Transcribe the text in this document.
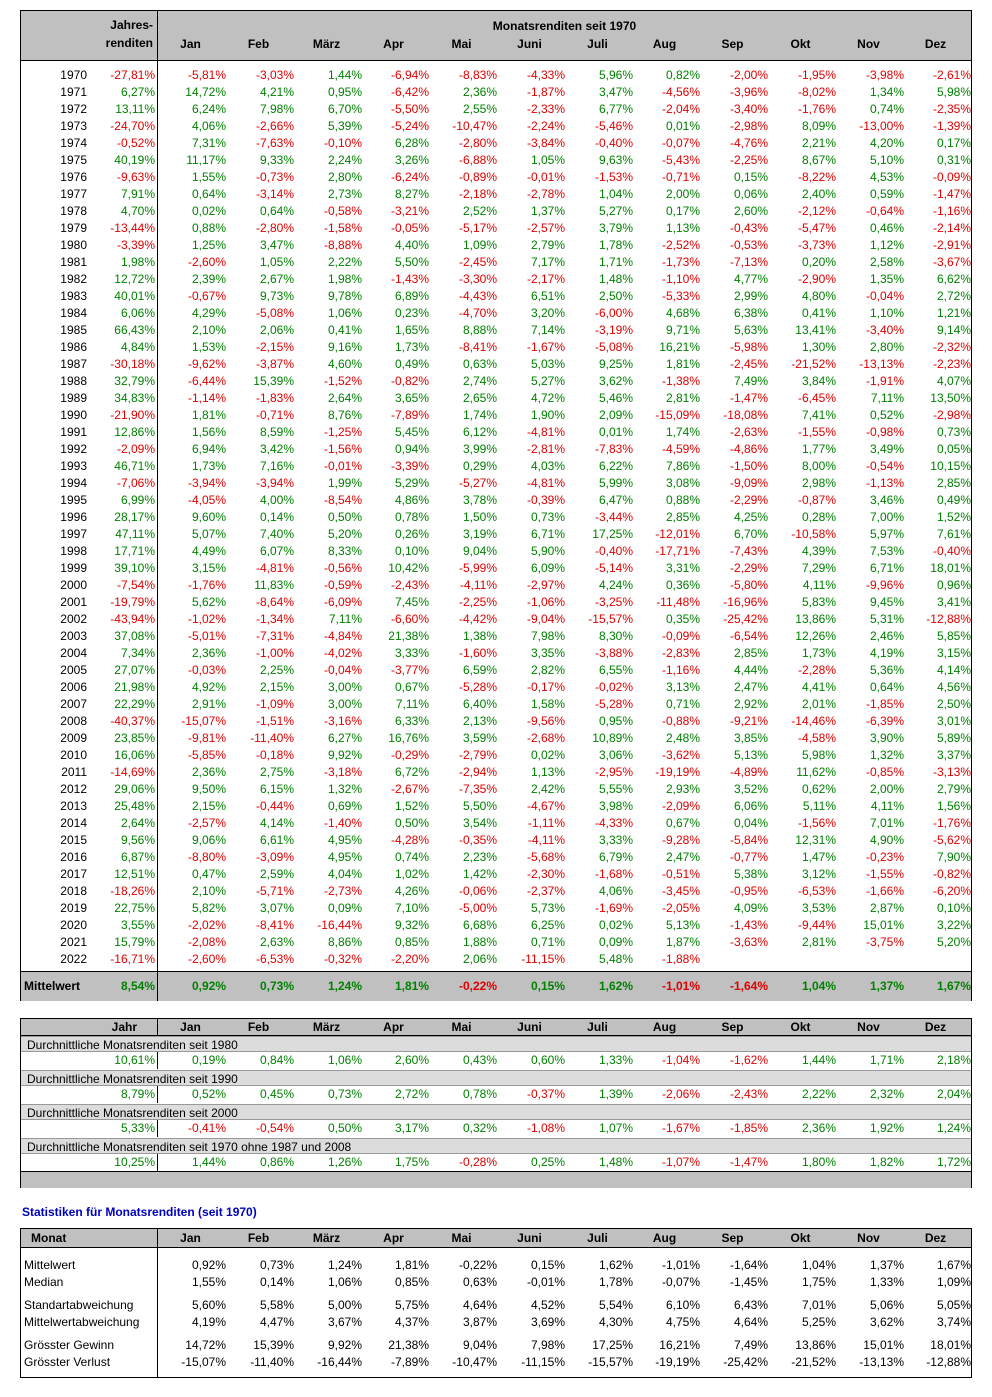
Jahres-
renditen
Monatsrenditen seit 1970
Jan	Feb	März	Apr	Mai	Juni	Juli	Aug	Sep	Okt	Nov	Dez
1970	-27,81%	-5,81%	-3,03%	1,44%	-6,94%	-8,83%	-4,33%	5,96%	0,82%	-2,00%	-1,95%	-3,98%	-2,61%
1971	6,27%	14,72%	4,21%	0,95%	-6,42%	2,36%	-1,87%	3,47%	-4,56%	-3,96%	-8,02%	1,34%	5,98%
1972	13,11%	6,24%	7,98%	6,70%	-5,50%	2,55%	-2,33%	6,77%	-2,04%	-3,40%	-1,76%	0,74%	-2,35%
1973	-24,70%	4,06%	-2,66%	5,39%	-5,24%	-10,47%	-2,24%	-5,46%	0,01%	-2,98%	8,09%	-13,00%	-1,39%
1974	-0,52%	7,31%	-7,63%	-0,10%	6,28%	-2,80%	-3,84%	-0,40%	-0,07%	-4,76%	2,21%	4,20%	0,17%
1975	40,19%	11,17%	9,33%	2,24%	3,26%	-6,88%	1,05%	9,63%	-5,43%	-2,25%	8,67%	5,10%	0,31%
1976	-9,63%	1,55%	-0,73%	2,80%	-6,24%	-0,89%	-0,01%	-1,53%	-0,71%	0,15%	-8,22%	4,53%	-0,09%
1977	7,91%	0,64%	-3,14%	2,73%	8,27%	-2,18%	-2,78%	1,04%	2,00%	0,06%	2,40%	0,59%	-1,47%
1978	4,70%	0,02%	0,64%	-0,58%	-3,21%	2,52%	1,37%	5,27%	0,17%	2,60%	-2,12%	-0,64%	-1,16%
1979	-13,44%	0,88%	-2,80%	-1,58%	-0,05%	-5,17%	-2,57%	3,79%	1,13%	-0,43%	-5,47%	0,46%	-2,14%
1980	-3,39%	1,25%	3,47%	-8,88%	4,40%	1,09%	2,79%	1,78%	-2,52%	-0,53%	-3,73%	1,12%	-2,91%
1981	1,98%	-2,60%	1,05%	2,22%	5,50%	-2,45%	7,17%	1,71%	-1,73%	-7,13%	0,20%	2,58%	-3,67%
1982	12,72%	2,39%	2,67%	1,98%	-1,43%	-3,30%	-2,17%	1,48%	-1,10%	4,77%	-2,90%	1,35%	6,62%
1983	40,01%	-0,67%	9,73%	9,78%	6,89%	-4,43%	6,51%	2,50%	-5,33%	2,99%	4,80%	-0,04%	2,72%
1984	6,06%	4,29%	-5,08%	1,06%	0,23%	-4,70%	3,20%	-6,00%	4,68%	6,38%	0,41%	1,10%	1,21%
1985	66,43%	2,10%	2,06%	0,41%	1,65%	8,88%	7,14%	-3,19%	9,71%	5,63%	13,41%	-3,40%	9,14%
1986	4,84%	1,53%	-2,15%	9,16%	1,73%	-8,41%	-1,67%	-5,08%	16,21%	-5,98%	1,30%	2,80%	-2,32%
1987	-30,18%	-9,62%	-3,87%	4,60%	0,49%	0,63%	5,03%	9,25%	1,81%	-2,45%	-21,52%	-13,13%	-2,23%
1988	32,79%	-6,44%	15,39%	-1,52%	-0,82%	2,74%	5,27%	3,62%	-1,38%	7,49%	3,84%	-1,91%	4,07%
1989	34,83%	-1,14%	-1,83%	2,64%	3,65%	2,65%	4,72%	5,46%	2,81%	-1,47%	-6,45%	7,11%	13,50%
1990	-21,90%	1,81%	-0,71%	8,76%	-7,89%	1,74%	1,90%	2,09%	-15,09%	-18,08%	7,41%	0,52%	-2,98%
1991	12,86%	1,56%	8,59%	-1,25%	5,45%	6,12%	-4,81%	0,01%	1,74%	-2,63%	-1,55%	-0,98%	0,73%
1992	-2,09%	6,94%	3,42%	-1,56%	0,94%	3,99%	-2,81%	-7,83%	-4,59%	-4,86%	1,77%	3,49%	0,05%
1993	46,71%	1,73%	7,16%	-0,01%	-3,39%	0,29%	4,03%	6,22%	7,86%	-1,50%	8,00%	-0,54%	10,15%
1994	-7,06%	-3,94%	-3,94%	1,99%	5,29%	-5,27%	-4,81%	5,99%	3,08%	-9,09%	2,98%	-1,13%	2,85%
1995	6,99%	-4,05%	4,00%	-8,54%	4,86%	3,78%	-0,39%	6,47%	0,88%	-2,29%	-0,87%	3,46%	0,49%
1996	28,17%	9,60%	0,14%	0,50%	0,78%	1,50%	0,73%	-3,44%	2,85%	4,25%	0,28%	7,00%	1,52%
1997	47,11%	5,07%	7,40%	5,20%	0,26%	3,19%	6,71%	17,25%	-12,01%	6,70%	-10,58%	5,97%	7,61%
1998	17,71%	4,49%	6,07%	8,33%	0,10%	9,04%	5,90%	-0,40%	-17,71%	-7,43%	4,39%	7,53%	-0,40%
1999	39,10%	3,15%	-4,81%	-0,56%	10,42%	-5,99%	6,09%	-5,14%	3,31%	-2,29%	7,29%	6,71%	18,01%
2000	-7,54%	-1,76%	11,83%	-0,59%	-2,43%	-4,11%	-2,97%	4,24%	0,36%	-5,80%	4,11%	-9,96%	0,96%
2001	-19,79%	5,62%	-8,64%	-6,09%	7,45%	-2,25%	-1,06%	-3,25%	-11,48%	-16,96%	5,83%	9,45%	3,41%
2002	-43,94%	-1,02%	-1,34%	7,11%	-6,60%	-4,42%	-9,04%	-15,57%	0,35%	-25,42%	13,86%	5,31%	-12,88%
2003	37,08%	-5,01%	-7,31%	-4,84%	21,38%	1,38%	7,98%	8,30%	-0,09%	-6,54%	12,26%	2,46%	5,85%
2004	7,34%	2,36%	-1,00%	-4,02%	3,33%	-1,60%	3,35%	-3,88%	-2,83%	2,85%	1,73%	4,19%	3,15%
2005	27,07%	-0,03%	2,25%	-0,04%	-3,77%	6,59%	2,82%	6,55%	-1,16%	4,44%	-2,28%	5,36%	4,14%
2006	21,98%	4,92%	2,15%	3,00%	0,67%	-5,28%	-0,17%	-0,02%	3,13%	2,47%	4,41%	0,64%	4,56%
2007	22,29%	2,91%	-1,09%	3,00%	7,11%	6,40%	1,58%	-5,28%	0,71%	2,92%	2,01%	-1,85%	2,50%
2008	-40,37%	-15,07%	-1,51%	-3,16%	6,33%	2,13%	-9,56%	0,95%	-0,88%	-9,21%	-14,46%	-6,39%	3,01%
2009	23,85%	-9,81%	-11,40%	6,27%	16,76%	3,59%	-2,68%	10,89%	2,48%	3,85%	-4,58%	3,90%	5,89%
2010	16,06%	-5,85%	-0,18%	9,92%	-0,29%	-2,79%	0,02%	3,06%	-3,62%	5,13%	5,98%	1,32%	3,37%
2011	-14,69%	2,36%	2,75%	-3,18%	6,72%	-2,94%	1,13%	-2,95%	-19,19%	-4,89%	11,62%	-0,85%	-3,13%
2012	29,06%	9,50%	6,15%	1,32%	-2,67%	-7,35%	2,42%	5,55%	2,93%	3,52%	0,62%	2,00%	2,79%
2013	25,48%	2,15%	-0,44%	0,69%	1,52%	5,50%	-4,67%	3,98%	-2,09%	6,06%	5,11%	4,11%	1,56%
2014	2,64%	-2,57%	4,14%	-1,40%	0,50%	3,54%	-1,11%	-4,33%	0,67%	0,04%	-1,56%	7,01%	-1,76%
2015	9,56%	9,06%	6,61%	4,95%	-4,28%	-0,35%	-4,11%	3,33%	-9,28%	-5,84%	12,31%	4,90%	-5,62%
2016	6,87%	-8,80%	-3,09%	4,95%	0,74%	2,23%	-5,68%	6,79%	2,47%	-0,77%	1,47%	-0,23%	7,90%
2017	12,51%	0,47%	2,59%	4,04%	1,02%	1,42%	-2,30%	-1,68%	-0,51%	5,38%	3,12%	-1,55%	-0,82%
2018	-18,26%	2,10%	-5,71%	-2,73%	4,26%	-0,06%	-2,37%	4,06%	-3,45%	-0,95%	-6,53%	-1,66%	-6,20%
2019	22,75%	5,82%	3,07%	0,09%	7,10%	-5,00%	5,73%	-1,69%	-2,05%	4,09%	3,53%	2,87%	0,10%
2020	3,55%	-2,02%	-8,41%	-16,44%	9,32%	6,68%	6,25%	0,02%	5,13%	-1,43%	-9,44%	15,01%	3,22%
2021	15,79%	-2,08%	2,63%	8,86%	0,85%	1,88%	0,71%	0,09%	1,87%	-3,63%	2,81%	-3,75%	5,20%
2022	-16,71%	-2,60%	-6,53%	-0,32%	-2,20%	2,06%	-11,15%	5,48%	-1,88%
Mittelwert	8,54%	0,92%	0,73%	1,24%	1,81%	-0,22%	0,15%	1,62%	-1,01%	-1,64%	1,04%	1,37%	1,67%
Jahr	Jan	Feb	März	Apr	Mai	Juni	Juli	Aug	Sep	Okt	Nov	Dez
Durchnittliche Monatsrenditen seit 1980
10,61%	0,19%	0,84%	1,06%	2,60%	0,43%	0,60%	1,33%	-1,04%	-1,62%	1,44%	1,71%	2,18%
Durchnittliche Monatsrenditen seit 1990
8,79%	0,52%	0,45%	0,73%	2,72%	0,78%	-0,37%	1,39%	-2,06%	-2,43%	2,22%	2,32%	2,04%
Durchnittliche Monatsrenditen seit 2000
5,33%	-0,41%	-0,54%	0,50%	3,17%	0,32%	-1,08%	1,07%	-1,67%	-1,85%	2,36%	1,92%	1,24%
Durchnittliche Monatsrenditen seit 1970 ohne 1987 und 2008
10,25%	1,44%	0,86%	1,26%	1,75%	-0,28%	0,25%	1,48%	-1,07%	-1,47%	1,80%	1,82%	1,72%
Statistiken für Monatsrenditen (seit 1970)
Monat	Jan	Feb	März	Apr	Mai	Juni	Juli	Aug	Sep	Okt	Nov	Dez
Mittelwert	0,92%	0,73%	1,24%	1,81%	-0,22%	0,15%	1,62%	-1,01%	-1,64%	1,04%	1,37%	1,67%
Median	1,55%	0,14%	1,06%	0,85%	0,63%	-0,01%	1,78%	-0,07%	-1,45%	1,75%	1,33%	1,09%
Standartabweichung	5,60%	5,58%	5,00%	5,75%	4,64%	4,52%	5,54%	6,10%	6,43%	7,01%	5,06%	5,05%
Mittelwertabweichung	4,19%	4,47%	3,67%	4,37%	3,87%	3,69%	4,30%	4,75%	4,64%	5,25%	3,62%	3,74%
Grösster Gewinn	14,72%	15,39%	9,92%	21,38%	9,04%	7,98%	17,25%	16,21%	7,49%	13,86%	15,01%	18,01%
Grösster Verlust	-15,07%	-11,40%	-16,44%	-7,89%	-10,47%	-11,15%	-15,57%	-19,19%	-25,42%	-21,52%	-13,13%	-12,88%
